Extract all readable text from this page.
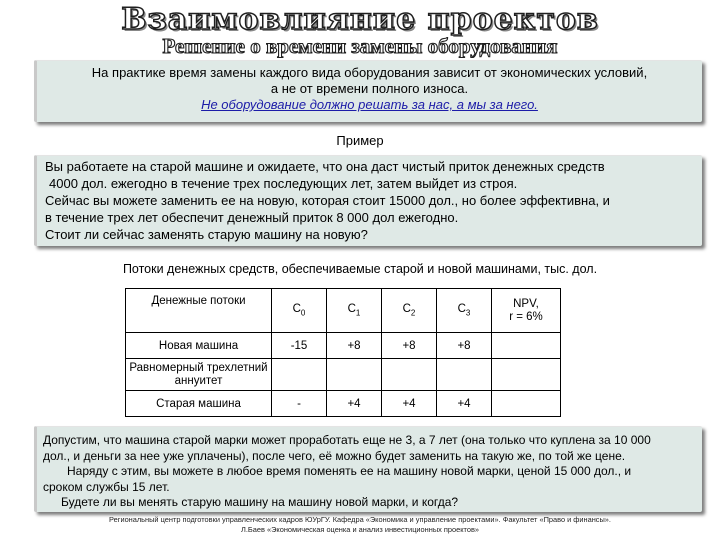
Взаимовлияние проектов
Решение о времени замены оборудования

На практике время замены каждого вида оборудования зависит от экономических условий,

а не от времени полного износа.

Не оборудование должно решать за нас, а мы за него.

Пример

Вы работаете на старой машине и ожидаете, что она даст чистый приток денежных средств

4000 дол. ежегодно в течение трех последующих лет, затем выйдет из строя.

Сейчас вы можете заменить ее на новую, которая стоит 15000 дол., но более эффективна, и

в течение трех лет обеспечит денежный приток 8 000 дол ежегодно.

Стоит ли сейчас заменять старую машину на новую?

Потоки денежных средств, обеспечиваемые старой и новой машинами, тыс. дол.
Денежные потоки	$C_0$	$C_1$	$C_2$	$C_3$	NPV,
r = 6%
Новая машина	-15	+8	+8	+8	
Равномерный трехлетний аннуитет					
Старая машина	-	+4	+4	+4	

Допустим, что машина старой марки может проработать еще не 3, а 7 лет (она только что куплена за 10 000

дол., и деньги за нее уже уплачены), после чего, её можно будет заменить на такую же, по той же цене.

Наряду с этим, вы можете в любое время поменять ее на машину новой марки, ценой 15 000 дол., и

сроком службы 15 лет.

Будете ли вы менять старую машину на машину новой марки, и когда?

Региональный центр подготовки управленческих кадров ЮУрГУ. Кафедра «Экономика и управление проектами». Факультет «Право и финансы».

Л.Баев «Экономическая оценка и анализ инвестиционных проектов»
